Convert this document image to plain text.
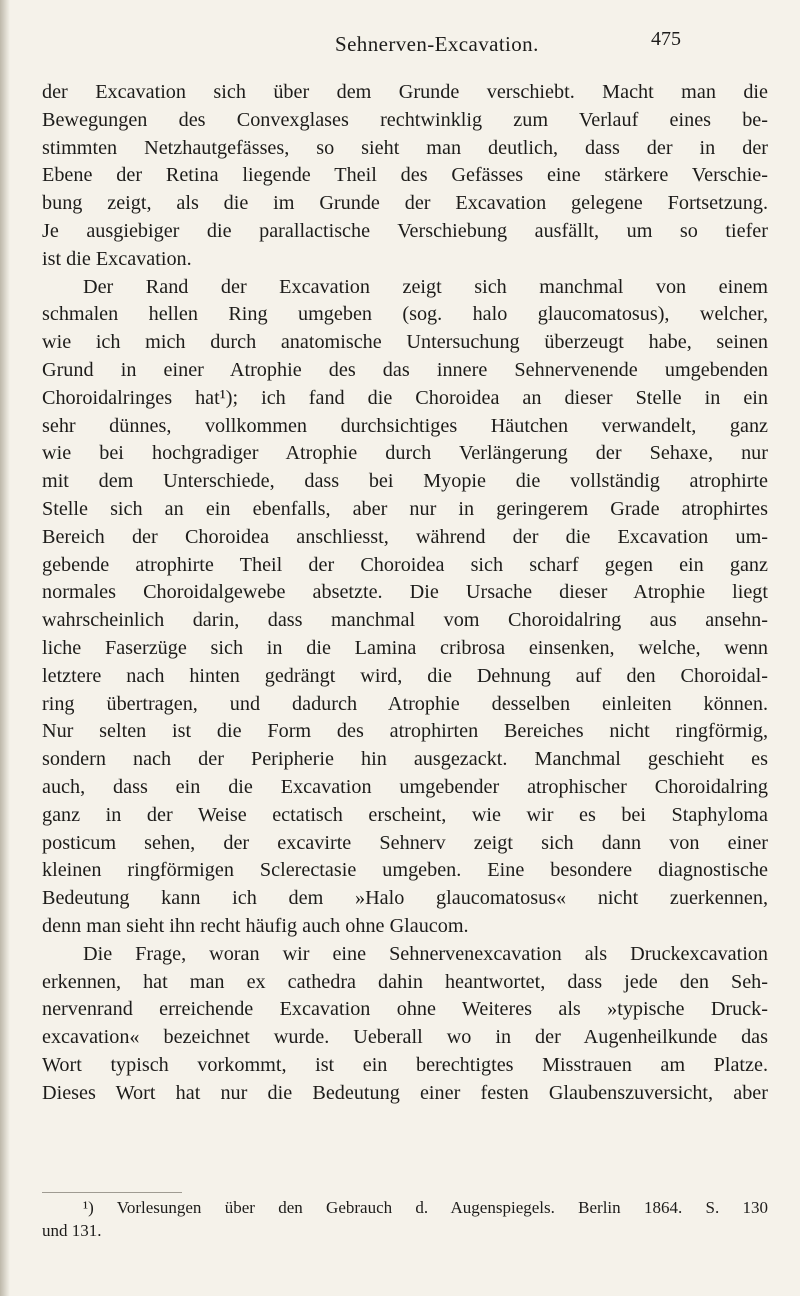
Sehnerven-Excavation.	475
der Excavation sich über dem Grunde verschiebt. Macht man die
Bewegungen des Convexglases rechtwinklig zum Verlauf eines be-
stimmten Netzhautgefässes, so sieht man deutlich, dass der in der
Ebene der Retina liegende Theil des Gefässes eine stärkere Verschie-
bung zeigt, als die im Grunde der Excavation gelegene Fortsetzung.
Je ausgiebiger die parallactische Verschiebung ausfällt, um so tiefer
ist die Excavation.
Der Rand der Excavation zeigt sich manchmal von einem
schmalen hellen Ring umgeben (sog. halo glaucomatosus), welcher,
wie ich mich durch anatomische Untersuchung überzeugt habe, seinen
Grund in einer Atrophie des das innere Sehnervenende umgebenden
Choroidalringes hat¹); ich fand die Choroidea an dieser Stelle in ein
sehr dünnes, vollkommen durchsichtiges Häutchen verwandelt, ganz
wie bei hochgradiger Atrophie durch Verlängerung der Sehaxe, nur
mit dem Unterschiede, dass bei Myopie die vollständig atrophirte
Stelle sich an ein ebenfalls, aber nur in geringerem Grade atrophirtes
Bereich der Choroidea anschliesst, während der die Excavation um-
gebende atrophirte Theil der Choroidea sich scharf gegen ein ganz
normales Choroidalgewebe absetzte. Die Ursache dieser Atrophie liegt
wahrscheinlich darin, dass manchmal vom Choroidalring aus ansehn-
liche Faserzüge sich in die Lamina cribrosa einsenken, welche, wenn
letztere nach hinten gedrängt wird, die Dehnung auf den Choroidal-
ring übertragen, und dadurch Atrophie desselben einleiten können.
Nur selten ist die Form des atrophirten Bereiches nicht ringförmig,
sondern nach der Peripherie hin ausgezackt. Manchmal geschieht es
auch, dass ein die Excavation umgebender atrophischer Choroidalring
ganz in der Weise ectatisch erscheint, wie wir es bei Staphyloma
posticum sehen, der excavirte Sehnerv zeigt sich dann von einer
kleinen ringförmigen Sclerectasie umgeben. Eine besondere diagnostische
Bedeutung kann ich dem »Halo glaucomatosus« nicht zuerkennen,
denn man sieht ihn recht häufig auch ohne Glaucom.
Die Frage, woran wir eine Sehnervenexcavation als Druckexcavation
erkennen, hat man ex cathedra dahin heantwortet, dass jede den Seh-
nervenrand erreichende Excavation ohne Weiteres als »typische Druck-
excavation« bezeichnet wurde. Ueberall wo in der Augenheilkunde das
Wort typisch vorkommt, ist ein berechtigtes Misstrauen am Platze.
Dieses Wort hat nur die Bedeutung einer festen Glaubenszuversicht, aber
¹) Vorlesungen über den Gebrauch d. Augenspiegels. Berlin 1864. S. 130
und 131.
